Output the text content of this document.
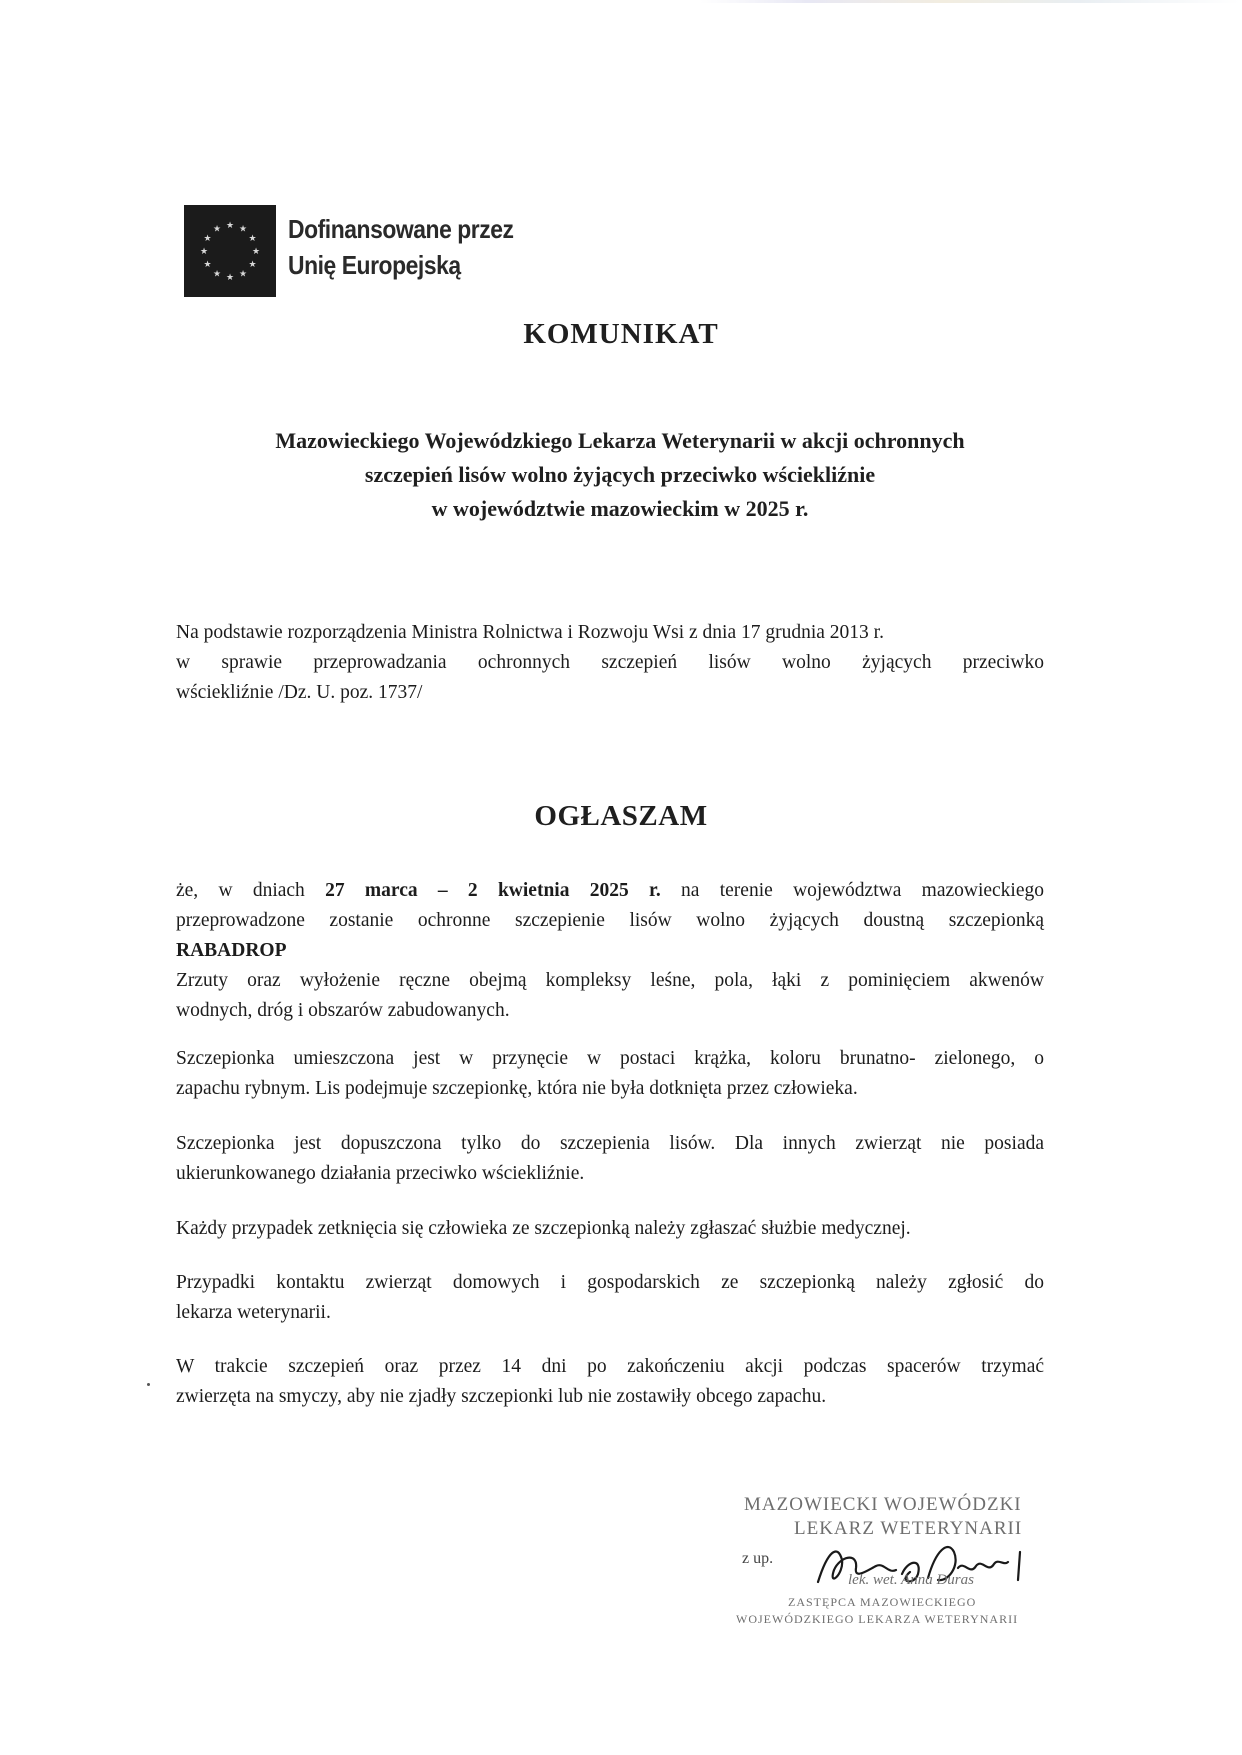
★
★
★
★
★
★
★
★
★ ★ ★
★ Dofinansowane przez
Unię Europejską
KOMUNIKAT
Mazowieckiego Wojewódzkiego Lekarza Weterynarii w akcji ochronnych
szczepień lisów wolno żyjących przeciwko wściekliźnie
w województwie mazowieckim w 2025 r.
Na podstawie rozporządzenia Ministra Rolnictwa i Rozwoju Wsi z dnia 17 grudnia 2013 r.
w sprawie przeprowadzania ochronnych szczepień lisów wolno żyjących przeciwko
wściekliźnie /Dz. U. poz. 1737/
OGŁASZAM
że, w dniach 27 marca – 2 kwietnia 2025 r. na terenie województwa mazowieckiego
przeprowadzone zostanie ochronne szczepienie lisów wolno żyjących doustną szczepionką
RABADROP
Zrzuty oraz wyłożenie ręczne obejmą kompleksy leśne, pola, łąki z pominięciem akwenów
wodnych, dróg i obszarów zabudowanych.
Szczepionka umieszczona jest w przynęcie w postaci krążka, koloru brunatno- zielonego, o
zapachu rybnym. Lis podejmuje szczepionkę, która nie była dotknięta przez człowieka.
Szczepionka jest dopuszczona tylko do szczepienia lisów. Dla innych zwierząt nie posiada
ukierunkowanego działania przeciwko wściekliźnie.
Każdy przypadek zetknięcia się człowieka ze szczepionką należy zgłaszać służbie medycznej.
Przypadki kontaktu zwierząt domowych i gospodarskich ze szczepionką należy zgłosić do
lekarza weterynarii.
W trakcie szczepień oraz przez 14 dni po zakończeniu akcji podczas spacerów trzymać
zwierzęta na smyczy, aby nie zjadły szczepionki lub nie zostawiły obcego zapachu.
MAZOWIECKI WOJEWÓDZKI
LEKARZ WETERYNARII
z up.
lek. wet. Anna Duras
ZASTĘPCA MAZOWIECKIEGO
WOJEWÓDZKIEGO LEKARZA WETERYNARII
